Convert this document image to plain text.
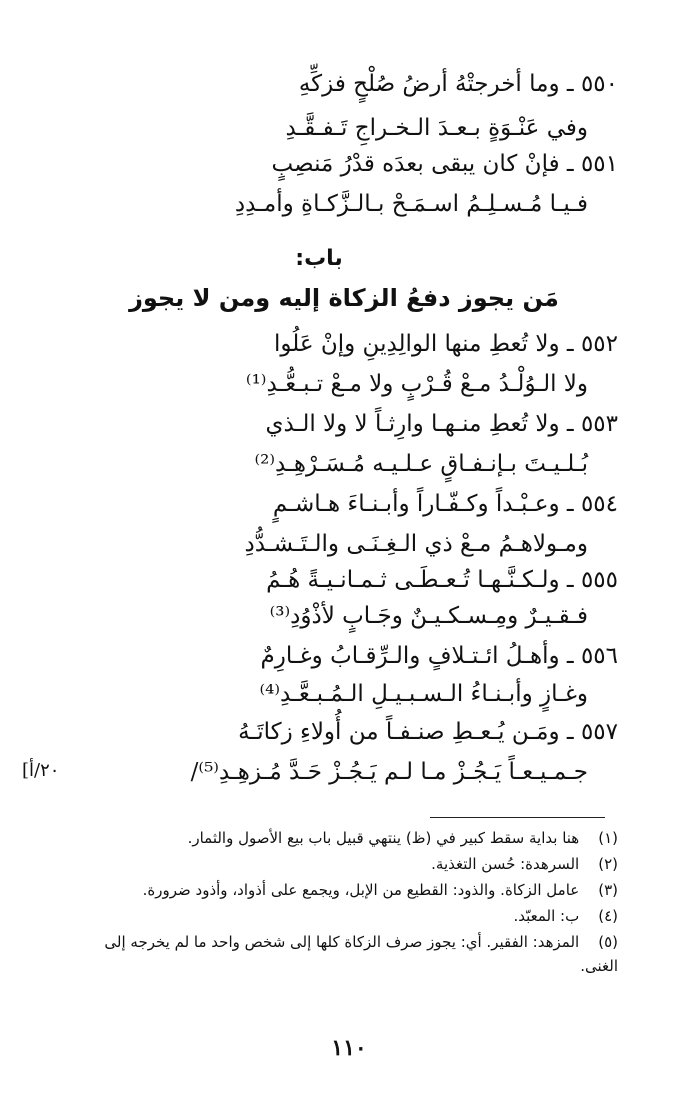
٥٥٠ ـ وما أخرجتْهُ أرضُ صُلْحٍ فزكِّهِ
وفي عَنْـوَةٍ بـعـدَ الـخـراجِ تَـفـقَّـدِ
٥٥١ ـ فإنْ كان يبقى بعدَه قدْرُ مَنصِبٍ
فـيـا مُـسـلِـمُ اسـمَـحْ بـالـزَّكـاةِ وأمـدِدِ
باب:
مَن يجوز دفعُ الزكاة إليه ومن لا يجوز
٥٥٢ ـ ولا تُعطِ منها الوالِدِينِ وإنْ عَلُوا
ولا الـوُلْـدُ مـعْ قُـرْبٍ ولا مـعْ تـبـعُّـدِ⁽¹⁾
٥٥٣ ـ ولا تُعطِ منـهـا وارِثـاً لا ولا الـذي
بُـلـيـتَ بـإنـفـاقٍ عـلـيـه مُـسَـرْهِـدِ⁽²⁾
٥٥٤ ـ وعـبْـداً وكـفّـاراً وأبـنـاءَ هـاشـمٍ
ومـولاهـمُ مـعْ ذي الـغِـنَـى والـتَـشـدُّدِ
٥٥٥ ـ ولـكـنَّـهـا تُـعـطَـى ثـمـانـيـةً هُـمُ
فـقـيـرٌ ومِـسـكـيـنٌ وجَـابٍ لأذْوُدِ⁽³⁾
٥٥٦ ـ وأهـلُ ائـتـلافٍ والـرِّقـابُ وغـارِمٌ
وغـازٍ وأبـنـاءُ الـسـبـيـلِ الـمُـبـعَّـدِ⁽⁴⁾
٥٥٧ ـ ومَـن يُـعـطِ صنـفـاً من أُولاءِ زكاتَـهُ
جـمـيـعـاً يَـجُـزْ مـا لـم يَـجُـزْ حَـدَّ مُـزهِـدِ⁽⁵⁾/
٢٠/أ]
(١) هنا بداية سقط كبير في (ظ) ينتهي قبيل باب بيع الأصول والثمار.
(٢) السرهدة: حُسن التغذية.
(٣) عامل الزكاة. والذود: القطيع من الإبل، ويجمع على أذواد، وأذود ضرورة.
(٤) ب: المعبّد.
(٥) المزهد: الفقير. أي: يجوز صرف الزكاة كلها إلى شخص واحد ما لم يخرجه إلى الغنى.
١١٠
